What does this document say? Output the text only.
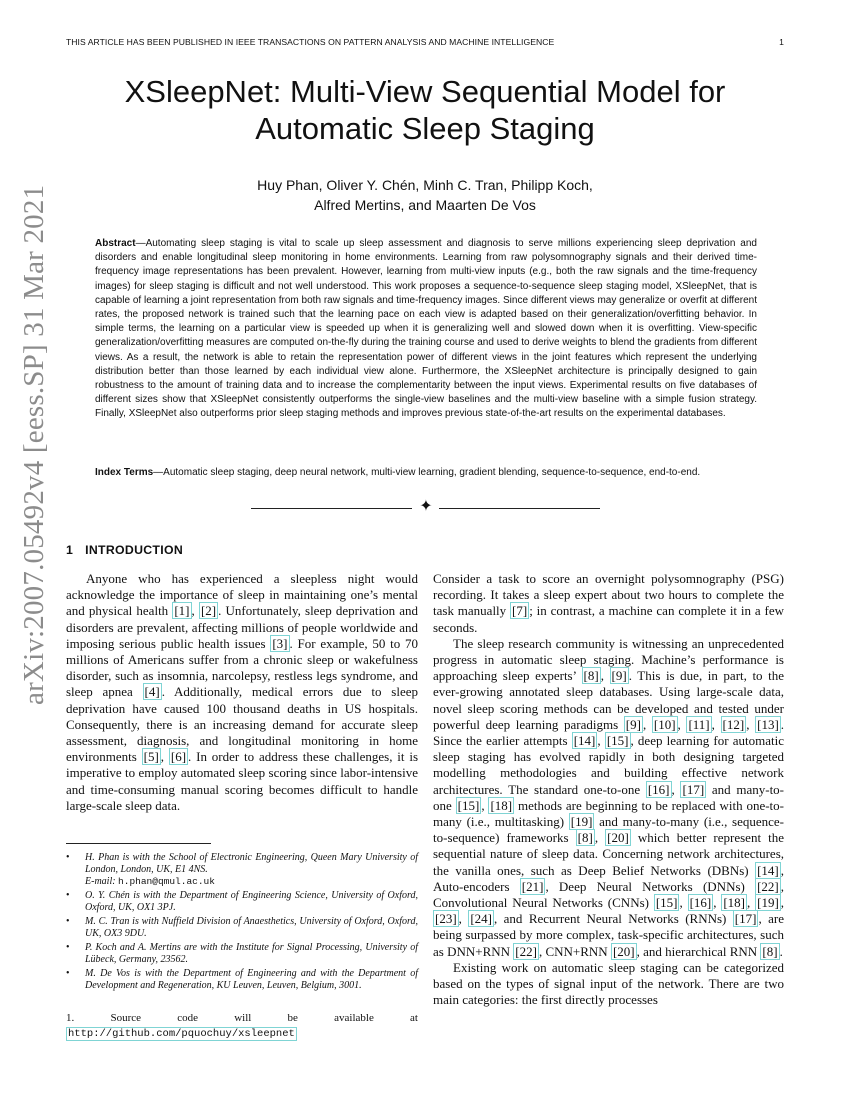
THIS ARTICLE HAS BEEN PUBLISHED IN IEEE TRANSACTIONS ON PATTERN ANALYSIS AND MACHINE INTELLIGENCE	1
arXiv:2007.05492v4 [eess.SP] 31 Mar 2021
XSleepNet: Multi-View Sequential Model for Automatic Sleep Staging
Huy Phan, Oliver Y. Chén, Minh C. Tran, Philipp Koch,
Alfred Mertins, and Maarten De Vos

Abstract—Automating sleep staging is vital to scale up sleep assessment and diagnosis to serve millions experiencing sleep deprivation and disorders and enable longitudinal sleep monitoring in home environments. Learning from raw polysomnography signals and their derived time-frequency image representations has been prevalent. However, learning from multi-view inputs (e.g., both the raw signals and the time-frequency images) for sleep staging is difficult and not well understood. This work proposes a sequence-to-sequence sleep staging model, XSleepNet, that is capable of learning a joint representation from both raw signals and time-frequency images. Since different views may generalize or overfit at different rates, the proposed network is trained such that the learning pace on each view is adapted based on their generalization/overfitting behavior. In simple terms, the learning on a particular view is speeded up when it is generalizing well and slowed down when it is overfitting. View-specific generalization/overfitting measures are computed on-the-fly during the training course and used to derive weights to blend the gradients from different views. As a result, the network is able to retain the representation power of different views in the joint features which represent the underlying distribution better than those learned by each individual view alone. Furthermore, the XSleepNet architecture is principally designed to gain robustness to the amount of training data and to increase the complementarity between the input views. Experimental results on five databases of different sizes show that XSleepNet consistently outperforms the single-view baselines and the multi-view baseline with a simple fusion strategy. Finally, XSleepNet also outperforms prior sleep staging methods and improves previous state-of-the-art results on the experimental databases.

Index Terms—Automatic sleep staging, deep neural network, multi-view learning, gradient blending, sequence-to-sequence, end-to-end.

✦
1 INTRODUCTION

Anyone who has experienced a sleepless night would acknowledge the importance of sleep in maintaining one’s mental and physical health [1] , [2] . Unfortunately, sleep deprivation and disorders are prevalent, affecting millions of people worldwide and imposing serious public health issues [3] . For example, 50 to 70 millions of Americans suffer from a chronic sleep or wakefulness disorder, such as insomnia, narcolepsy, restless legs syndrome, and sleep apnea [4] . Additionally, medical errors due to sleep deprivation have caused 100 thousand deaths in US hospitals. Consequently, there is an increasing demand for accurate sleep assessment, diagnosis, and longitudinal monitoring in home environments [5] , [6] . In order to address these challenges, it is imperative to employ automated sleep scoring since labor-intensive and time-consuming manual scoring becomes difficult to handle large-scale sleep data.

Consider a task to score an overnight polysomnography (PSG) recording. It takes a sleep expert about two hours to complete the task manually [7] ; in contrast, a machine can complete it in a few seconds.

The sleep research community is witnessing an unprecedented progress in automatic sleep staging. Machine’s performance is approaching sleep experts’ [8] , [9] . This is due, in part, to the ever-growing annotated sleep databases. Using large-scale data, novel sleep scoring methods can be developed and tested under powerful deep learning paradigms [9] , [10] , [11] , [12] , [13] . Since the earlier attempts [14] , [15] , deep learning for automatic sleep staging has evolved rapidly in both designing targeted modelling methodologies and building effective network architectures. The standard one-to-one [16] , [17] and many-to-one [15] , [18] methods are beginning to be replaced with one-to-many (i.e., multitasking) [19] and many-to-many (i.e., sequence-to-sequence) frameworks [8] , [20] which better represent the sequential nature of sleep data. Concerning network architectures, the vanilla ones, such as Deep Belief Networks (DBNs) [14] , Auto-encoders [21] , Deep Neural Networks (DNNs) [22] , Convolutional Neural Networks (CNNs) [15] , [16] , [18] , [19] , [23] , [24] , and Recurrent Neural Networks (RNNs) [17] , are being surpassed by more complex, task-specific architectures, such as DNN+RNN [22] , CNN+RNN [20] , and hierarchical RNN [8] .

Existing work on automatic sleep staging can be categorized based on the types of signal input of the network. There are two main categories: the first directly processes

• H. Phan is with the School of Electronic Engineering, Queen Mary University of London, London, UK, E1 4NS.
E-mail: h.phan@qmul.ac.uk
• O. Y. Chén is with the Department of Engineering Science, University of Oxford, Oxford, UK, OX1 3PJ.
• M. C. Tran is with Nuffield Division of Anaesthetics, University of Oxford, Oxford, UK, OX3 9DU.
• P. Koch and A. Mertins are with the Institute for Signal Processing, University of Lübeck, Germany, 23562.
• M. De Vos is with the Department of Engineering and with the Department of Development and Regeneration, KU Leuven, Leuven, Belgium, 3001.
1. Source code will be available at http://github.com/pquochuy/xsleepnet
